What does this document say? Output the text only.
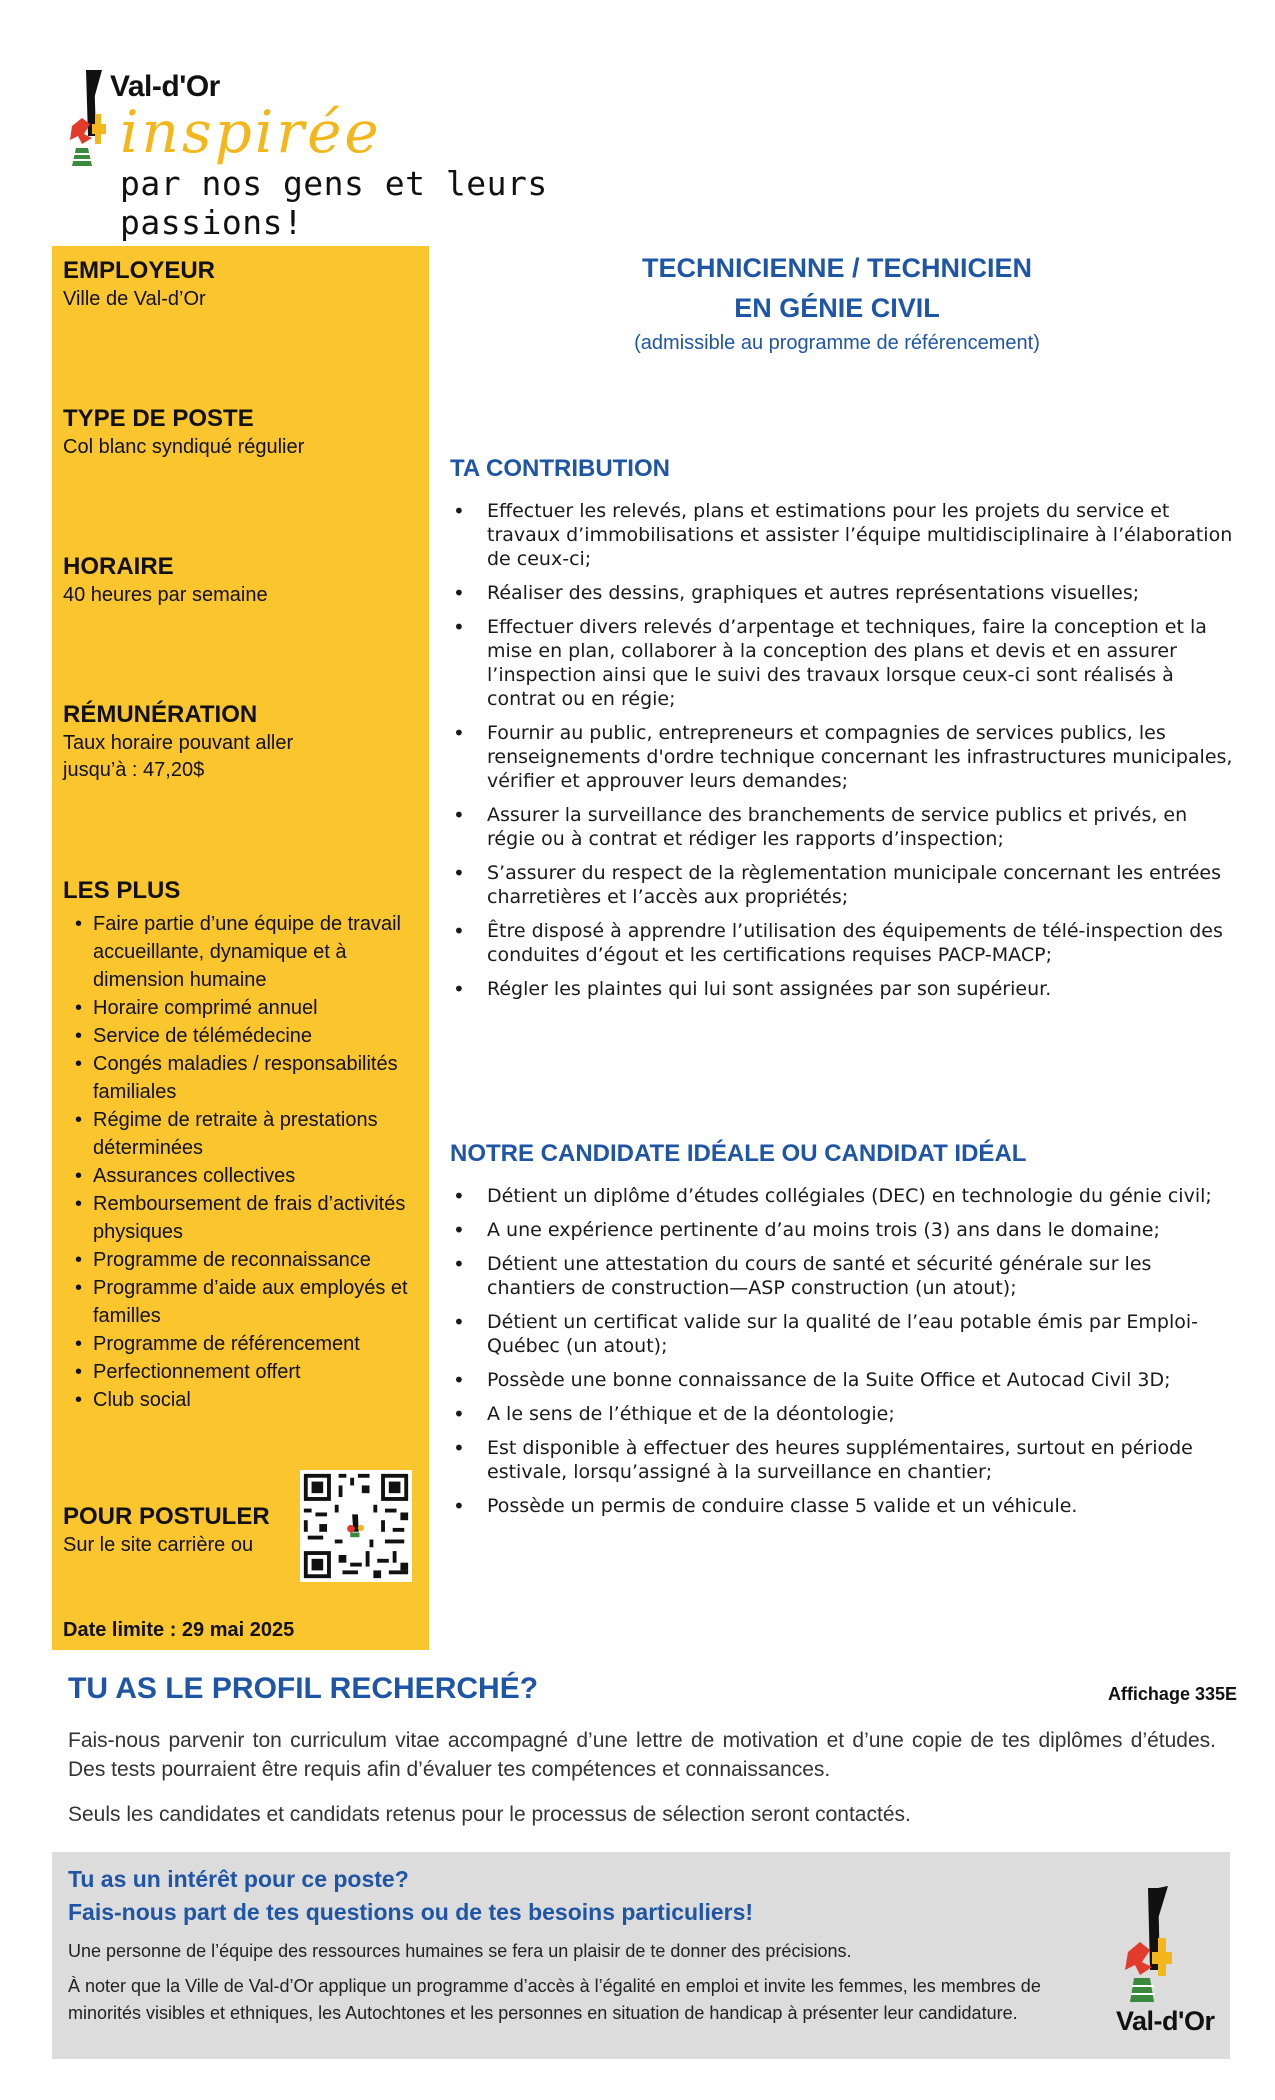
Val-d'Or
inspirée
par nos gens et leurs passions!
EMPLOYEUR
Ville de Val-d’Or
TYPE DE POSTE
Col blanc syndiqué régulier
HORAIRE
40 heures par semaine
RÉMUNÉRATION
Taux horaire pouvant aller
jusqu’à : 47,20$
LES PLUS
• Faire partie d’une équipe de travail accueillante, dynamique et à dimension humaine
• Horaire comprimé annuel
• Service de télémédecine
• Congés maladies / responsabilités familiales
• Régime de retraite à prestations déterminées
• Assurances collectives
• Remboursement de frais d’activités physiques
• Programme de reconnaissance
• Programme d’aide aux employés et familles
• Programme de référencement
• Perfectionnement offert
• Club social
POUR POSTULER
Sur le site carrière ou
Date limite : 29 mai 2025
TECHNICIENNE / TECHNICIEN
EN GÉNIE CIVIL
(admissible au programme de référencement)
TA CONTRIBUTION
• Effectuer les relevés, plans et estimations pour les projets du service et travaux d’immobilisations et assister l’équipe multidisciplinaire à l’élaboration de ceux-ci;
• Réaliser des dessins, graphiques et autres représentations visuelles;
• Effectuer divers relevés d’arpentage et techniques, faire la conception et la mise en plan, collaborer à la conception des plans et devis et en assurer l’inspection ainsi que le suivi des travaux lorsque ceux-ci sont réalisés à contrat ou en régie;
• Fournir au public, entrepreneurs et compagnies de services publics, les renseignements d'ordre technique concernant les infrastructures municipales, vérifier et approuver leurs demandes;
• Assurer la surveillance des branchements de service publics et privés, en régie ou à contrat et rédiger les rapports d’inspection;
• S’assurer du respect de la règlementation municipale concernant les entrées charretières et l’accès aux propriétés;
• Être disposé à apprendre l’utilisation des équipements de télé-inspection des conduites d’égout et les certifications requises PACP-MACP;
• Régler les plaintes qui lui sont assignées par son supérieur.
NOTRE CANDIDATE IDÉALE OU CANDIDAT IDÉAL
• Détient un diplôme d’études collégiales (DEC) en technologie du génie civil;
• A une expérience pertinente d’au moins trois (3) ans dans le domaine;
• Détient une attestation du cours de santé et sécurité générale sur les chantiers de construction—ASP construction (un atout);
• Détient un certificat valide sur la qualité de l’eau potable émis par Emploi-Québec (un atout);
• Possède une bonne connaissance de la Suite Office et Autocad Civil 3D;
• A le sens de l’éthique et de la déontologie;
• Est disponible à effectuer des heures supplémentaires, surtout en période estivale, lorsqu’assigné à la surveillance en chantier;
• Possède un permis de conduire classe 5 valide et un véhicule.
TU AS LE PROFIL RECHERCHÉ?	Affichage 335E

Fais-nous parvenir ton curriculum vitae accompagné d’une lettre de motivation et d’une copie de tes diplômes d’études. Des tests pourraient être requis afin d’évaluer tes compétences et connaissances.

Seuls les candidates et candidats retenus pour le processus de sélection seront contactés.

Tu as un intérêt pour ce poste?
Fais-nous part de tes questions ou de tes besoins particuliers!

Une personne de l’équipe des ressources humaines se fera un plaisir de te donner des précisions.

À noter que la Ville de Val-d’Or applique un programme d’accès à l’égalité en emploi et invite les femmes, les membres de minorités visibles et ethniques, les Autochtones et les personnes en situation de handicap à présenter leur candidature.	Val-d'Or
